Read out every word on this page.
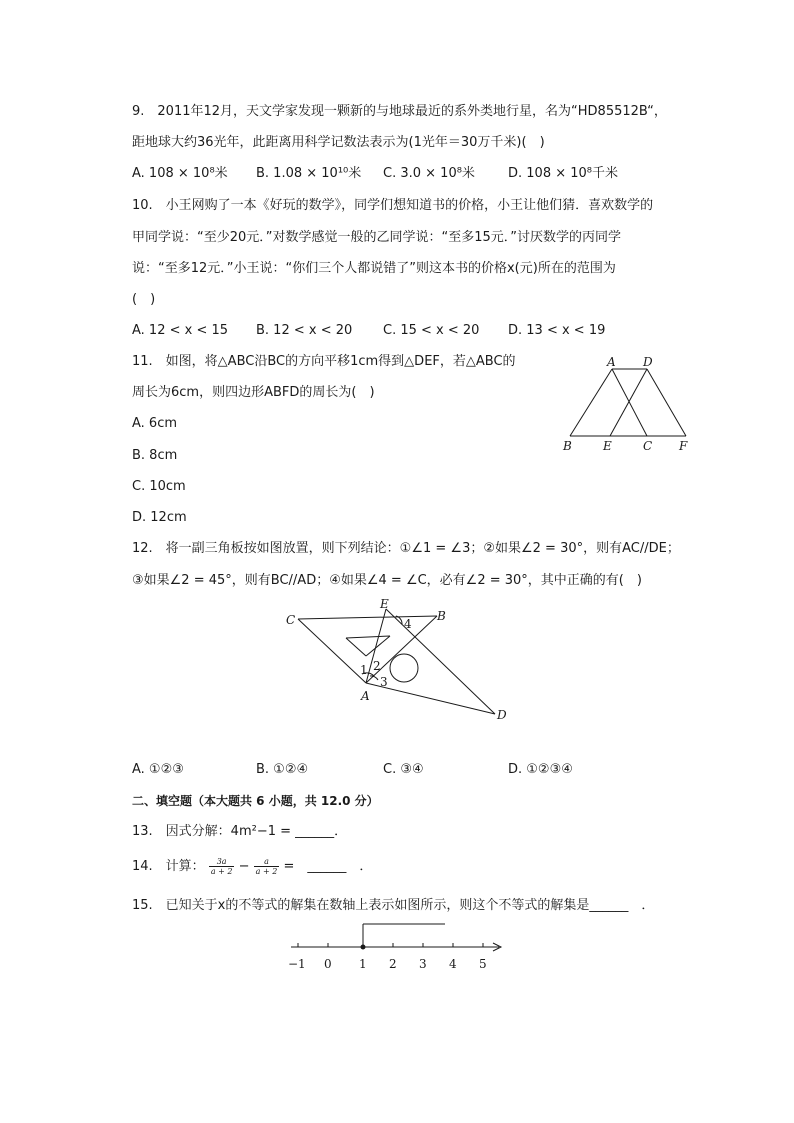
9.　2011年12月，天文学家发现一颗新的与地球最近的系外类地行星，名为“HD85512B“，
距地球大约36光年，此距离用科学记数法表示为(1光年＝30万千米)(　)
A. 108 × 10⁸米 B. 1.08 × 10¹⁰米 C. 3.0 × 10⁸米	D. 108 × 10⁸千米
10.　小王网购了一本《好玩的数学》，同学们想知道书的价格，小王让他们猜．喜欢数学的
甲同学说：“至少20元．”对数学感觉一般的乙同学说：“至多15元．”讨厌数学的丙同学
说：“至多12元．”小王说：“你们三个人都说错了”则这本书的价格x(元)所在的范围为
(　)
A. 12 < x < 15 B. 12 < x < 20 C. 15 < x < 20 D. 13 < x < 19
11.　如图，将△ABC沿BC的方向平移1cm得到△DEF，若△ABC的
周长为6cm，则四边形ABFD的周长为(　)
A. 6cm
B. 8cm
C. 10cm
D. 12cm
A D
B	E	C F
12.　将一副三角板按如图放置，则下列结论：①∠1 = ∠3；②如果∠2 = 30°，则有AC//DE；
③如果∠2 = 45°，则有BC//AD；④如果∠4 = ∠C，必有∠2 = 30°，其中正确的有(　)
C
E
B
4
1 2
3
A
D
A. ①②③	B. ①②④	C. ③④	D. ①②③④
二、填空题（本大题共 6 小题，共 12.0 分）
13.　因式分解：4m²−1 = ______．
14.　计算： $\frac{3a}{a + 2} - \frac{a}{a + 2}$ =　______　．
15.　已知关于x的不等式的解集在数轴上表示如图所示，则这个不等式的解集是______　．
−1 0 1 2 3 4 5
